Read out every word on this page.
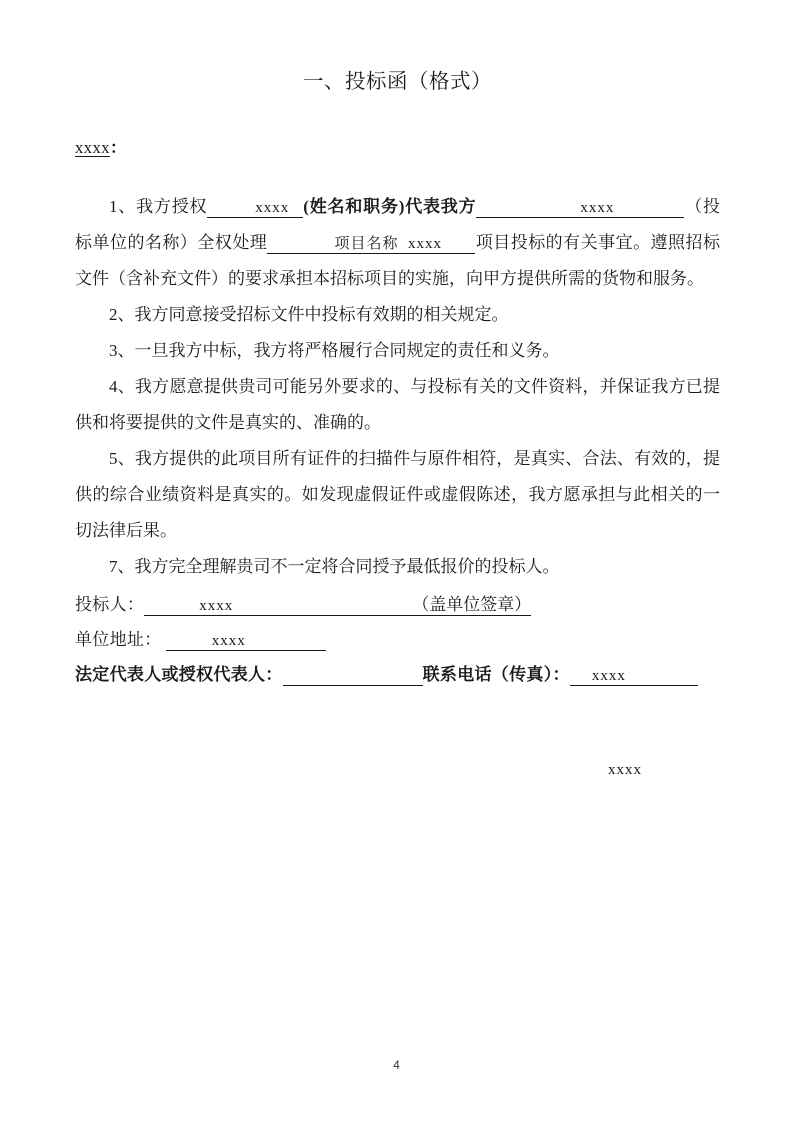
一、投标函（格式）
xxxx：

1、我方授权	xxxx (姓名和职务)代表我方	xxxx	（投标单位的名称）全权处理	项目名称 xxxx 项目投标的有关事宜。遵照招标文件（含补充文件）的要求承担本招标项目的实施，向甲方提供所需的货物和服务。

2、我方同意接受招标文件中投标有效期的相关规定。

3、一旦我方中标，我方将严格履行合同规定的责任和义务。

4、我方愿意提供贵司可能另外要求的、与投标有关的文件资料，并保证我方已提供和将要提供的文件是真实的、准确的。

5、我方提供的此项目所有证件的扫描件与原件相符，是真实、合法、有效的，提供的综合业绩资料是真实的。如发现虚假证件或虚假陈述，我方愿承担与此相关的一切法律后果。

7、我方完全理解贵司不一定将合同授予最低报价的投标人。

投标人：	xxxx	（盖单位签章）
单位地址：	xxxx
法定代表人或授权代表人：	联系电话（传真）： xxxx
xxxx
4
